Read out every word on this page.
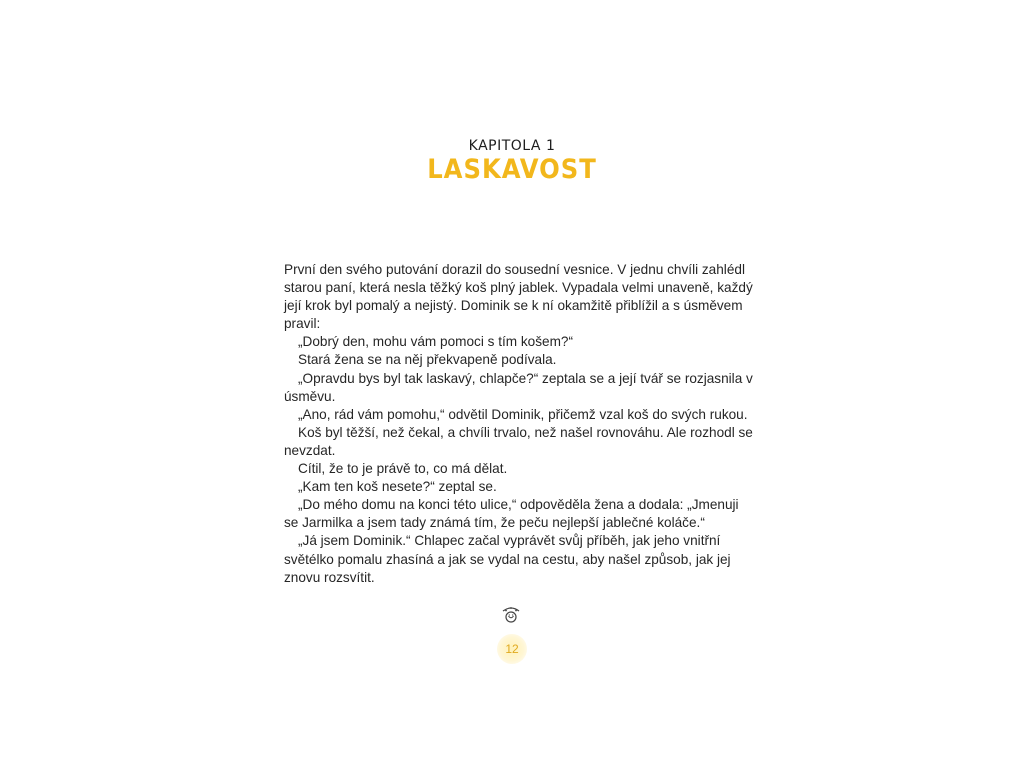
KAPITOLA 1
LASKAVOST

První den svého putování dorazil do sousední vesnice. V jednu chvíli zahlédl starou paní, která nesla těžký koš plný jablek. Vypadala velmi unaveně, každý její krok byl pomalý a nejistý. Dominik se k ní okamžitě přiblížil a s úsměvem pravil:

„Dobrý den, mohu vám pomoci s tím košem?“

Stará žena se na něj překvapeně podívala.

„Opravdu bys byl tak laskavý, chlapče?“ zeptala se a její tvář se rozjasnila v úsměvu.

„Ano, rád vám pomohu,“ odvětil Dominik, přičemž vzal koš do svých rukou.

Koš byl těžší, než čekal, a chvíli trvalo, než našel rovnováhu. Ale rozhodl se nevzdat.

Cítil, že to je právě to, co má dělat.

„Kam ten koš nesete?“ zeptal se.

„Do mého domu na konci této ulice,“ odpověděla žena a dodala: „Jmenuji se Jarmilka a jsem tady známá tím, že peču nejlepší jablečné koláče.“

„Já jsem Dominik.“ Chlapec začal vyprávět svůj příběh, jak jeho vnitřní světélko pomalu zhasíná a jak se vydal na cestu, aby našel způsob, jak jej znovu rozsvítit.

12
